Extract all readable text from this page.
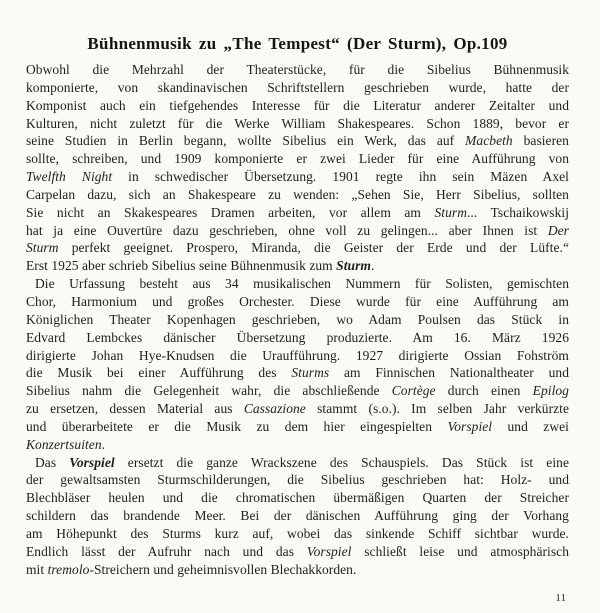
Bühnenmusik zu „The Tempest“ (Der Sturm), Op.109
Obwohl die Mehrzahl der Theaterstücke, für die Sibelius Bühnenmusik
komponierte, von skandinavischen Schriftstellern geschrieben wurde, hatte der
Komponist auch ein tiefgehendes Interesse für die Literatur anderer Zeitalter und
Kulturen, nicht zuletzt für die Werke William Shakespeares. Schon 1889, bevor er
seine Studien in Berlin begann, wollte Sibelius ein Werk, das auf Macbeth basieren
sollte, schreiben, und 1909 komponierte er zwei Lieder für eine Aufführung von
Twelfth Night in schwedischer Übersetzung. 1901 regte ihn sein Mäzen Axel
Carpelan dazu, sich an Shakespeare zu wenden: „Sehen Sie, Herr Sibelius, sollten
Sie nicht an Skakespeares Dramen arbeiten, vor allem am Sturm... Tschaikowskij
hat ja eine Ouvertüre dazu geschrieben, ohne voll zu gelingen... aber Ihnen ist Der
Sturm perfekt geeignet. Prospero, Miranda, die Geister der Erde und der Lüfte.“
Erst 1925 aber schrieb Sibelius seine Bühnenmusik zum Sturm.
Die Urfassung besteht aus 34 musikalischen Nummern für Solisten, gemischten
Chor, Harmonium und großes Orchester. Diese wurde für eine Aufführung am
Königlichen Theater Kopenhagen geschrieben, wo Adam Poulsen das Stück in
Edvard Lembckes dänischer Übersetzung produzierte. Am 16. März 1926
dirigierte Johan Hye-Knudsen die Uraufführung. 1927 dirigierte Ossian Fohström
die Musik bei einer Aufführung des Sturms am Finnischen Nationaltheater und
Sibelius nahm die Gelegenheit wahr, die abschließende Cortège durch einen Epilog
zu ersetzen, dessen Material aus Cassazione stammt (s.o.). Im selben Jahr verkürzte
und überarbeitete er die Musik zu dem hier eingespielten Vorspiel und zwei
Konzertsuiten.
Das Vorspiel ersetzt die ganze Wrackszene des Schauspiels. Das Stück ist eine
der gewaltsamsten Sturmschilderungen, die Sibelius geschrieben hat: Holz- und
Blechbläser heulen und die chromatischen übermäßigen Quarten der Streicher
schildern das brandende Meer. Bei der dänischen Aufführung ging der Vorhang
am Höhepunkt des Sturms kurz auf, wobei das sinkende Schiff sichtbar wurde.
Endlich lässt der Aufruhr nach und das Vorspiel schließt leise und atmosphärisch
mit tremolo-Streichern und geheimnisvollen Blechakkorden.
11
